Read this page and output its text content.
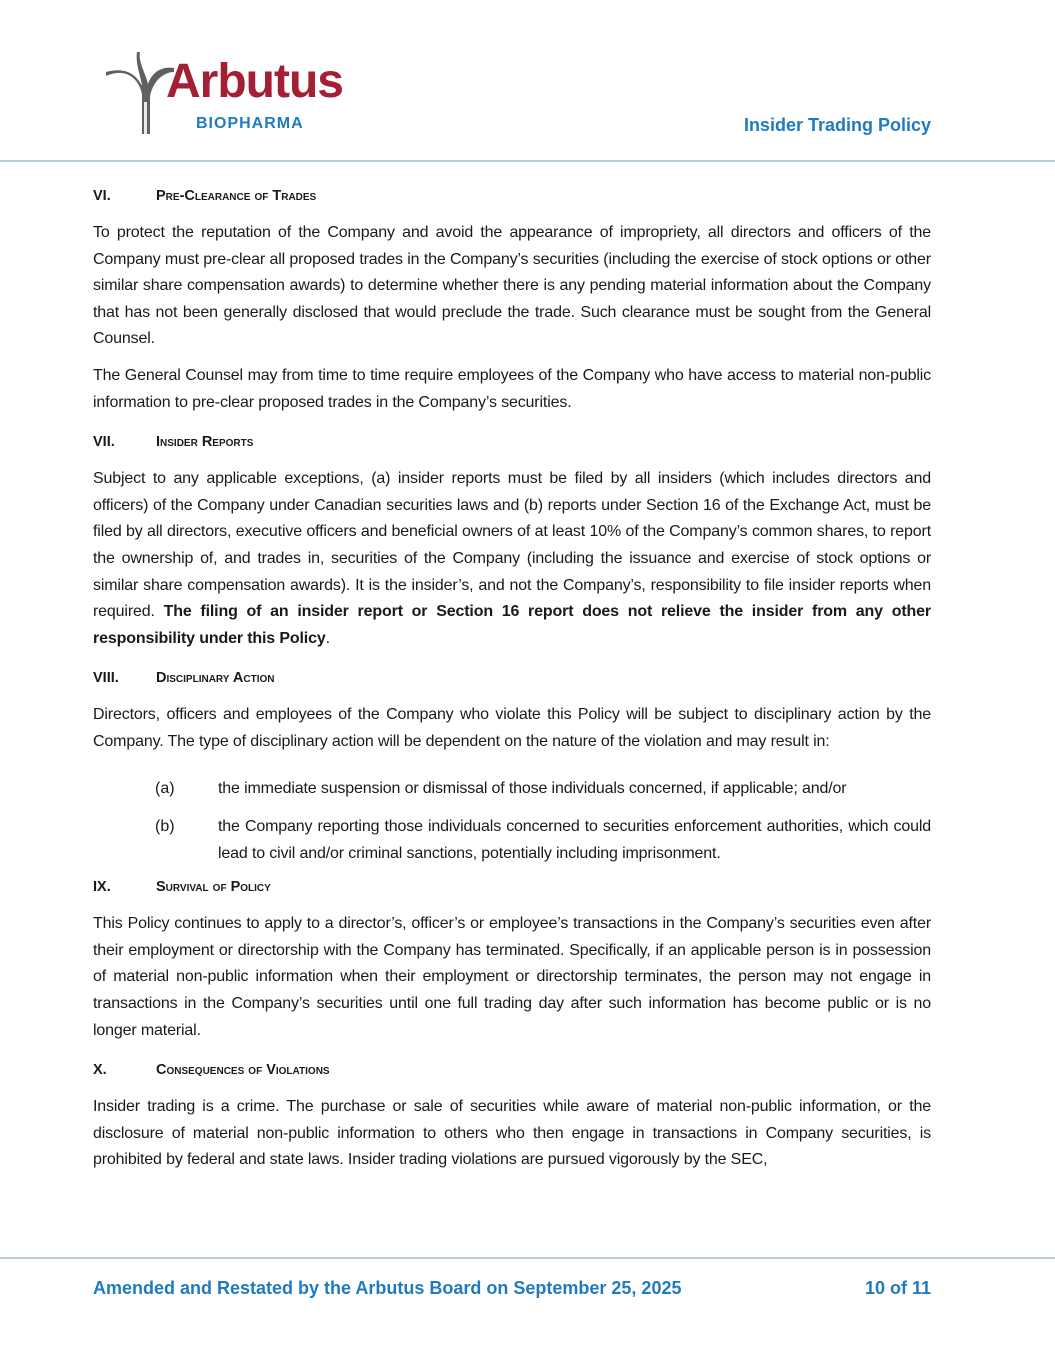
Arbutus
BIOPHARMA	Insider Trading Policy
VI.	Pre-Clearance of Trades

To protect the reputation of the Company and avoid the appearance of impropriety, all directors and officers of the Company must pre-clear all proposed trades in the Company’s securities (including the exercise of stock options or other similar share compensation awards) to determine whether there is any pending material information about the Company that has not been generally disclosed that would preclude the trade. Such clearance must be sought from the General Counsel.

The General Counsel may from time to time require employees of the Company who have access to material non-public information to pre-clear proposed trades in the Company’s securities.

VII.	Insider Reports

Subject to any applicable exceptions, (a) insider reports must be filed by all insiders (which includes directors and officers) of the Company under Canadian securities laws and (b) reports under Section 16 of the Exchange Act, must be filed by all directors, executive officers and beneficial owners of at least 10% of the Company’s common shares, to report the ownership of, and trades in, securities of the Company (including the issuance and exercise of stock options or similar share compensation awards). It is the insider’s, and not the Company’s, responsibility to file insider reports when required. The filing of an insider report or Section 16 report does not relieve the insider from any other responsibility under this Policy.

VIII.	Disciplinary Action

Directors, officers and employees of the Company who violate this Policy will be subject to disciplinary action by the Company. The type of disciplinary action will be dependent on the nature of the violation and may result in:

(a)	the immediate suspension or dismissal of those individuals concerned, if applicable; and/or
(b)	the Company reporting those individuals concerned to securities enforcement authorities, which could lead to civil and/or criminal sanctions, potentially including imprisonment.
IX.	Survival of Policy

This Policy continues to apply to a director’s, officer’s or employee’s transactions in the Company’s securities even after their employment or directorship with the Company has terminated. Specifically, if an applicable person is in possession of material non-public information when their employment or directorship terminates, the person may not engage in transactions in the Company’s securities until one full trading day after such information has become public or is no longer material.

X.	Consequences of Violations

Insider trading is a crime. The purchase or sale of securities while aware of material non-public information, or the disclosure of material non-public information to others who then engage in transactions in Company securities, is prohibited by federal and state laws. Insider trading violations are pursued vigorously by the SEC,

Amended and Restated by the Arbutus Board on September 25, 2025	10 of 11
